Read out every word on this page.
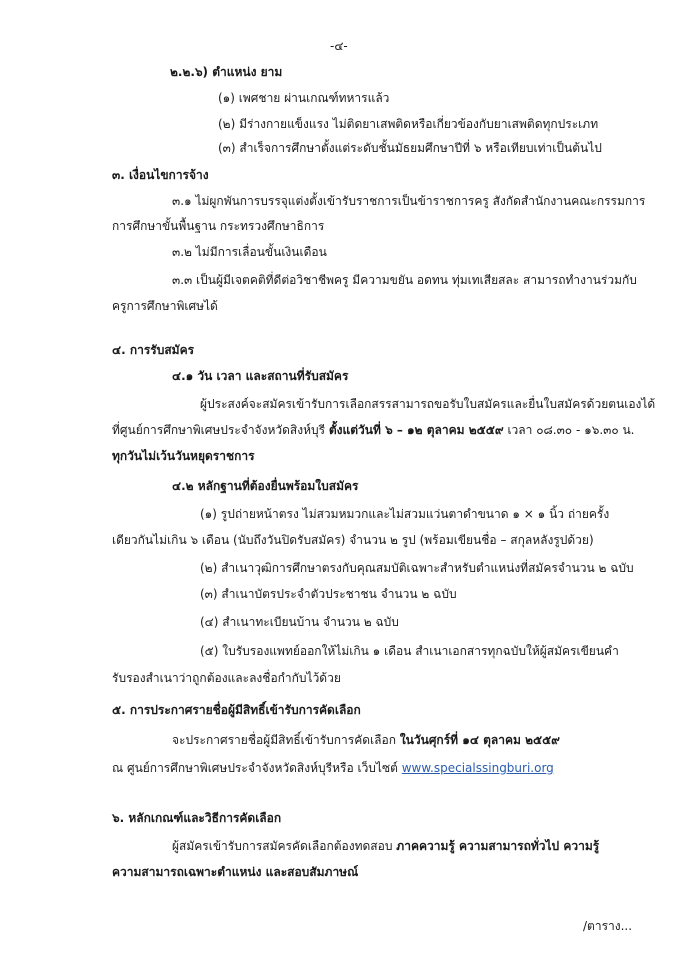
-๔-
๒.๒.๖) ตำแหน่ง ยาม
(๑) เพศชาย ผ่านเกณฑ์ทหารแล้ว
(๒) มีร่างกายแข็งแรง ไม่ติดยาเสพติดหรือเกี่ยวข้องกับยาเสพติดทุกประเภท
(๓) สำเร็จการศึกษาตั้งแต่ระดับชั้นมัธยมศึกษาปีที่ ๖ หรือเทียบเท่าเป็นต้นไป
๓. เงื่อนไขการจ้าง
๓.๑ ไม่ผูกพันการบรรจุแต่งตั้งเข้ารับราชการเป็นข้าราชการครู สังกัดสำนักงานคณะกรรมการ
การศึกษาขั้นพื้นฐาน กระทรวงศึกษาธิการ
๓.๒ ไม่มีการเลื่อนขั้นเงินเดือน
๓.๓ เป็นผู้มีเจตคติที่ดีต่อวิชาชีพครู มีความขยัน อดทน ทุ่มเทเสียสละ สามารถทำงานร่วมกับ
ครูการศึกษาพิเศษได้
๔. การรับสมัคร
๔.๑ วัน เวลา และสถานที่รับสมัคร
ผู้ประสงค์จะสมัครเข้ารับการเลือกสรรสามารถขอรับใบสมัครและยื่นใบสมัครด้วยตนเองได้
ที่ศูนย์การศึกษาพิเศษประจำจังหวัดสิงห์บุรี ตั้งแต่วันที่ ๖ – ๑๒ ตุลาคม ๒๕๕๙ เวลา ๐๘.๓๐ - ๑๖.๓๐ น.
ทุกวันไม่เว้นวันหยุดราชการ
๔.๒ หลักฐานที่ต้องยื่นพร้อมใบสมัคร
(๑) รูปถ่ายหน้าตรง ไม่สวมหมวกและไม่สวมแว่นตาดำขนาด ๑ × ๑ นิ้ว ถ่ายครั้ง
เดียวกันไม่เกิน ๖ เดือน (นับถึงวันปิดรับสมัคร) จำนวน ๒ รูป (พร้อมเขียนชื่อ – สกุลหลังรูปด้วย)
(๒) สำเนาวุฒิการศึกษาตรงกับคุณสมบัติเฉพาะสำหรับตำแหน่งที่สมัครจำนวน ๒ ฉบับ
(๓) สำเนาบัตรประจำตัวประชาชน จำนวน ๒ ฉบับ
(๔) สำเนาทะเบียนบ้าน จำนวน ๒ ฉบับ
(๕) ใบรับรองแพทย์ออกให้ไม่เกิน ๑ เดือน สำเนาเอกสารทุกฉบับให้ผู้สมัครเขียนคำ
รับรองสำเนาว่าถูกต้องและลงชื่อกำกับไว้ด้วย
๕. การประกาศรายชื่อผู้มีสิทธิ์เข้ารับการคัดเลือก
จะประกาศรายชื่อผู้มีสิทธิ์เข้ารับการคัดเลือก ในวันศุกร์ที่ ๑๔ ตุลาคม ๒๕๕๙
ณ ศูนย์การศึกษาพิเศษประจำจังหวัดสิงห์บุรีหรือ เว็บไซต์ www.specialssingburi.org
๖. หลักเกณฑ์และวิธีการคัดเลือก
ผู้สมัครเข้ารับการสมัครคัดเลือกต้องทดสอบ ภาคความรู้ ความสามารถทั่วไป ความรู้
ความสามารถเฉพาะตำแหน่ง และสอบสัมภาษณ์
/ตาราง...
